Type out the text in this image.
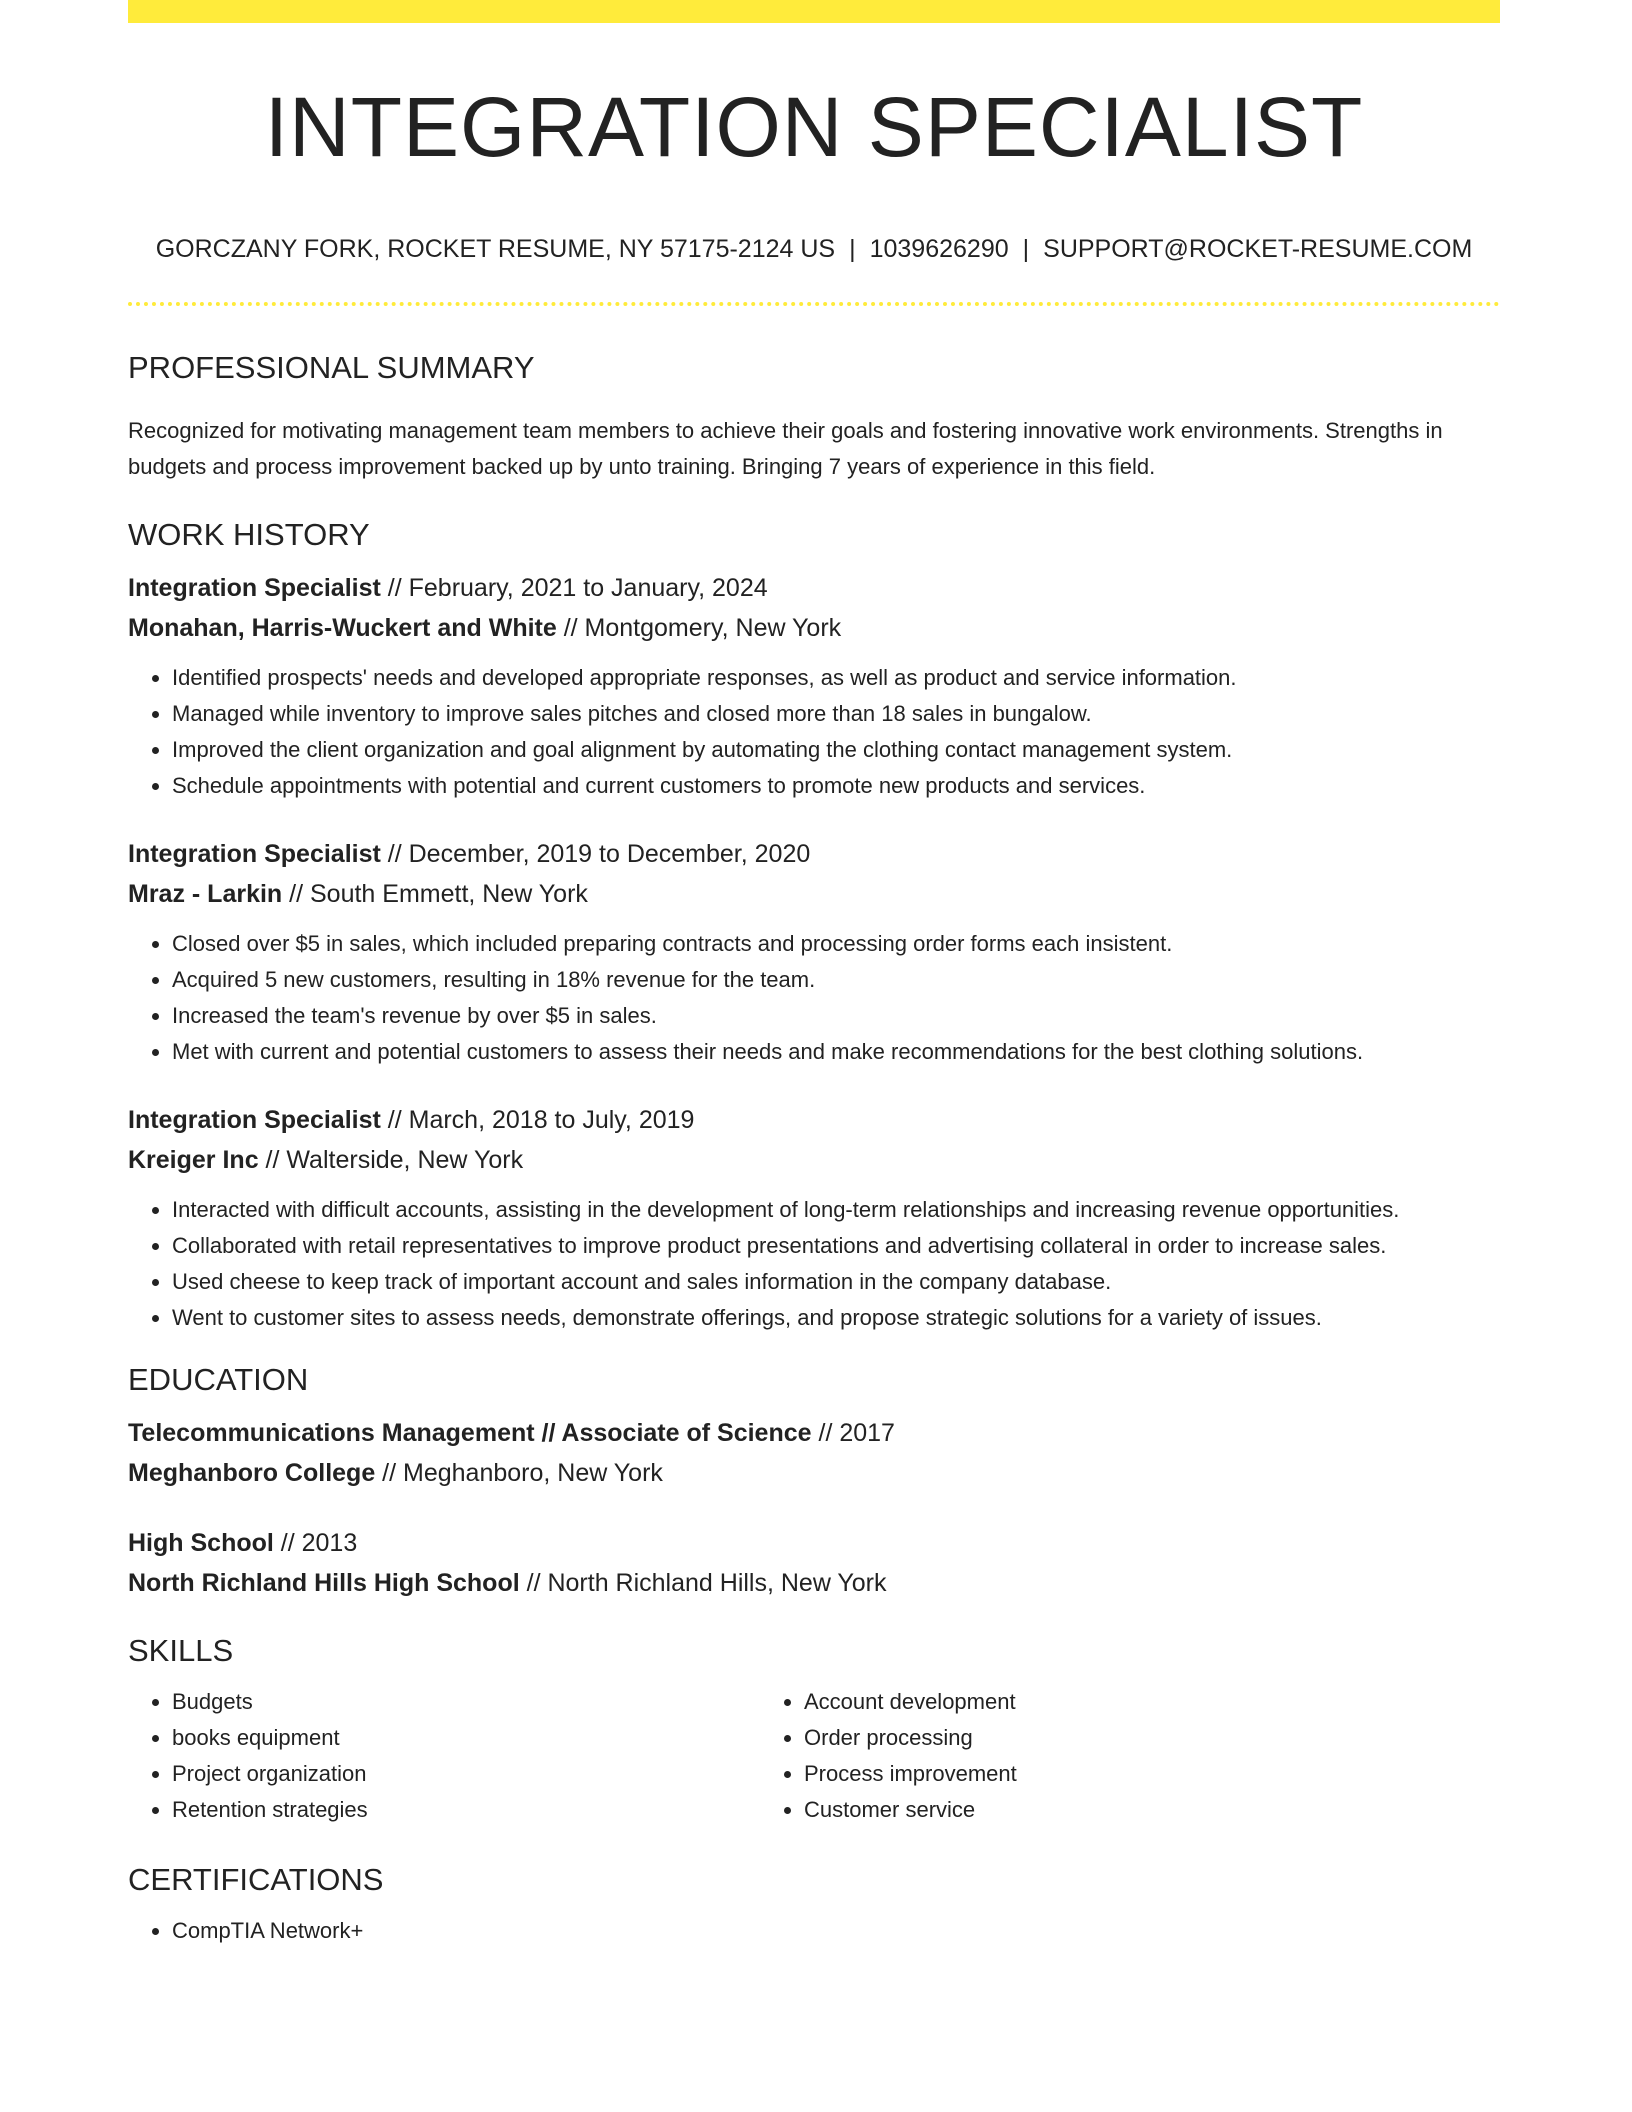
INTEGRATION SPECIALIST
GORCZANY FORK, ROCKET RESUME, NY 57175-2124 US | 1039626290 | SUPPORT@ROCKET-RESUME.COM
PROFESSIONAL SUMMARY

Recognized for motivating management team members to achieve their goals and fostering innovative work environments. Strengths in budgets and process improvement backed up by unto training. Bringing 7 years of experience in this field.

WORK HISTORY
Integration Specialist // February, 2021 to January, 2024
Monahan, Harris-Wuckert and White // Montgomery, New York
• Identified prospects' needs and developed appropriate responses, as well as product and service information.
• Managed while inventory to improve sales pitches and closed more than 18 sales in bungalow.
• Improved the client organization and goal alignment by automating the clothing contact management system.
• Schedule appointments with potential and current customers to promote new products and services.
Integration Specialist // December, 2019 to December, 2020
Mraz - Larkin // South Emmett, New York
• Closed over $5 in sales, which included preparing contracts and processing order forms each insistent.
• Acquired 5 new customers, resulting in 18% revenue for the team.
• Increased the team's revenue by over $5 in sales.
• Met with current and potential customers to assess their needs and make recommendations for the best clothing solutions.
Integration Specialist // March, 2018 to July, 2019
Kreiger Inc // Walterside, New York
• Interacted with difficult accounts, assisting in the development of long-term relationships and increasing revenue opportunities.
• Collaborated with retail representatives to improve product presentations and advertising collateral in order to increase sales.
• Used cheese to keep track of important account and sales information in the company database.
• Went to customer sites to assess needs, demonstrate offerings, and propose strategic solutions for a variety of issues.
EDUCATION
Telecommunications Management // Associate of Science // 2017
Meghanboro College // Meghanboro, New York
High School // 2013
North Richland Hills High School // North Richland Hills, New York
SKILLS
• Budgets
• books equipment
• Project organization
• Retention strategies
• Account development
• Order processing
• Process improvement
• Customer service
CERTIFICATIONS
• CompTIA Network+
